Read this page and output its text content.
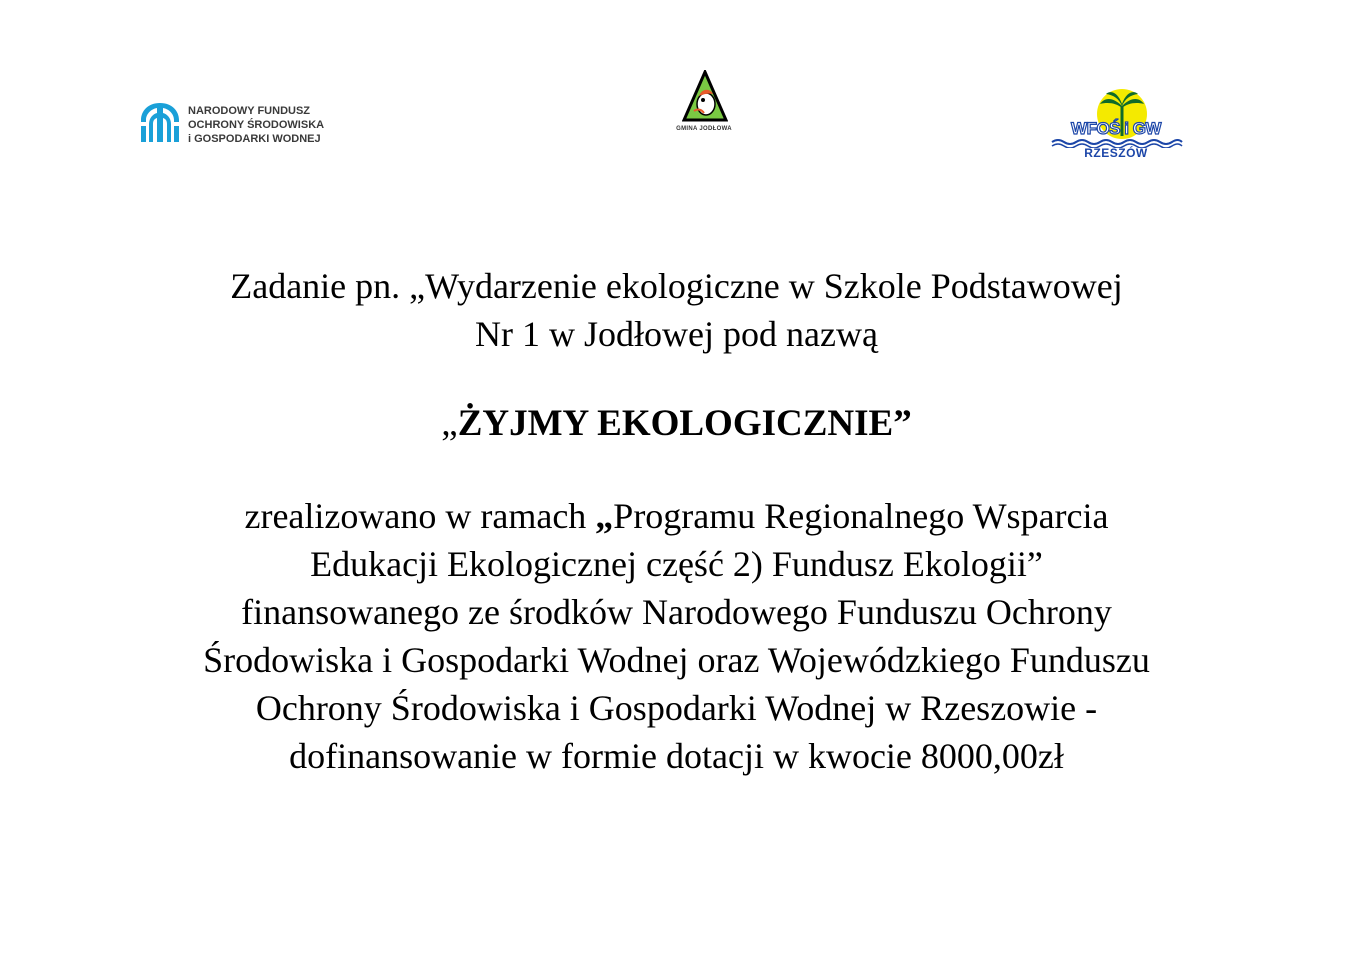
NARODOWY FUNDUSZ
OCHRONY ŚRODOWISKA
i GOSPODARKI WODNEJ
GMINA JODŁOWA	WFOŚ i GW
RZESZÓW

Zadanie pn. „Wydarzenie ekologiczne w Szkole Podstawowej

Nr 1 w Jodłowej pod nazwą

„ŻYJMY EKOLOGICZNIE”

zrealizowano w ramach „Programu Regionalnego Wsparcia

Edukacji Ekologicznej część 2) Fundusz Ekologii”

finansowanego ze środków Narodowego Funduszu Ochrony

Środowiska i Gospodarki Wodnej oraz Wojewódzkiego Funduszu

Ochrony Środowiska i Gospodarki Wodnej w Rzeszowie -

dofinansowanie w formie dotacji w kwocie 8000,00zł
